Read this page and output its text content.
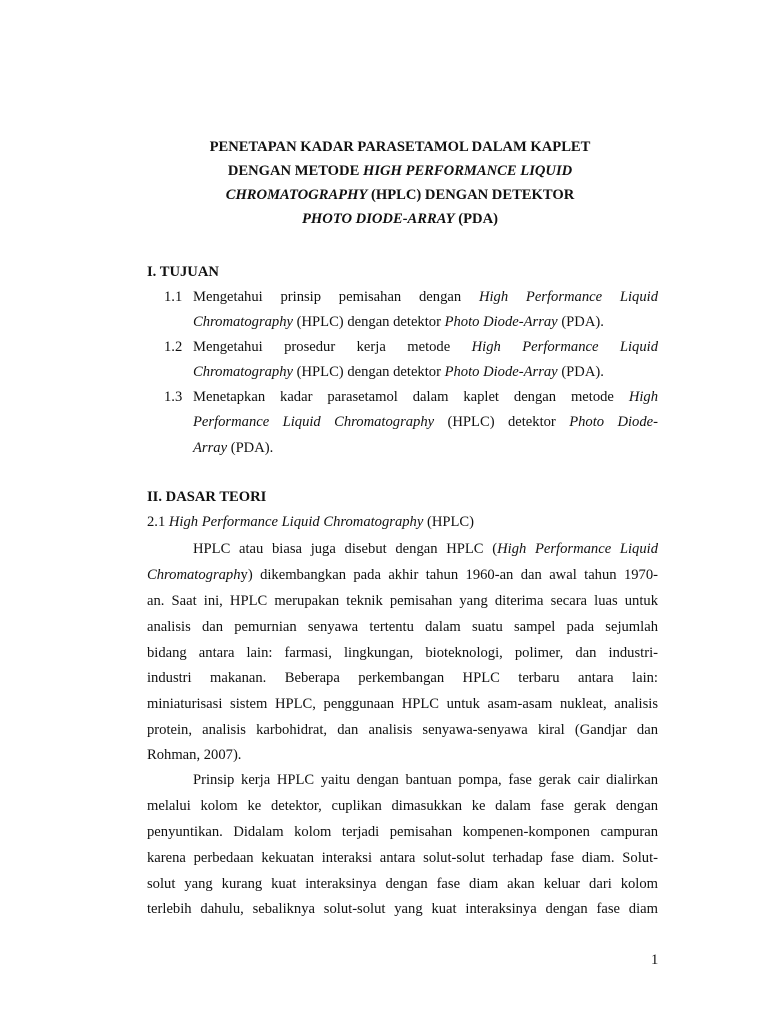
PENETAPAN KADAR PARASETAMOL DALAM KAPLET
DENGAN METODE HIGH PERFORMANCE LIQUID
CHROMATOGRAPHY (HPLC) DENGAN DETEKTOR
PHOTO DIODE-ARRAY (PDA)
I. TUJUAN
1.1 Mengetahui prinsip pemisahan dengan High Performance Liquid
Chromatography (HPLC) dengan detektor Photo Diode-Array (PDA).
1.2 Mengetahui prosedur kerja metode High Performance Liquid
Chromatography (HPLC) dengan detektor Photo Diode-Array (PDA).
1.3 Menetapkan kadar parasetamol dalam kaplet dengan metode High
Performance Liquid Chromatography (HPLC) detektor Photo Diode-
Array (PDA).
II. DASAR TEORI
2.1 High Performance Liquid Chromatography (HPLC)
HPLC atau biasa juga disebut dengan HPLC (High Performance Liquid
Chromatography) dikembangkan pada akhir tahun 1960-an dan awal tahun 1970-
an. Saat ini, HPLC merupakan teknik pemisahan yang diterima secara luas untuk
analisis dan pemurnian senyawa tertentu dalam suatu sampel pada sejumlah
bidang antara lain: farmasi, lingkungan, bioteknologi, polimer, dan industri-
industri makanan. Beberapa perkembangan HPLC terbaru antara lain:
miniaturisasi sistem HPLC, penggunaan HPLC untuk asam-asam nukleat, analisis
protein, analisis karbohidrat, dan analisis senyawa-senyawa kiral (Gandjar dan
Rohman, 2007).
Prinsip kerja HPLC yaitu dengan bantuan pompa, fase gerak cair dialirkan
melalui kolom ke detektor, cuplikan dimasukkan ke dalam fase gerak dengan
penyuntikan. Didalam kolom terjadi pemisahan kompenen-komponen campuran
karena perbedaan kekuatan interaksi antara solut-solut terhadap fase diam. Solut-
solut yang kurang kuat interaksinya dengan fase diam akan keluar dari kolom
terlebih dahulu, sebaliknya solut-solut yang kuat interaksinya dengan fase diam
1
